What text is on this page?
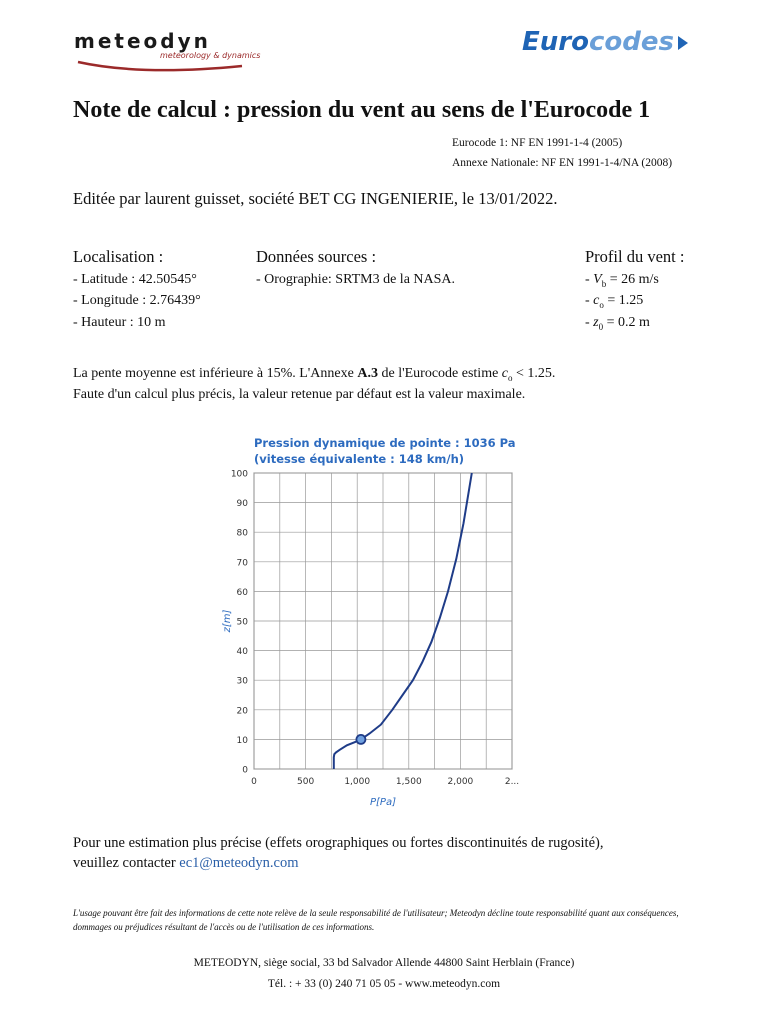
meteodyn
meteorology & dynamics	Eurocodes
Note de calcul : pression du vent au sens de l'Eurocode 1
Eurocode 1: NF EN 1991-1-4 (2005)
Annexe Nationale: NF EN 1991-1-4/NA (2008)
Editée par laurent guisset, société BET CG INGENIERIE, le 13/01/2022.
Localisation :
- Latitude : 42.50545°
- Longitude : 2.76439°
- Hauteur : 10 m
Données sources :
- Orographie: SRTM3 de la NASA.
Profil du vent :
- $V_b = 26$ m/s
- $c_o = 1.25$
- $z_0 = 0.2$ m
La pente moyenne est inférieure à 15%. L'Annexe A.3 de l'Eurocode estime $c_o < 1.25$.
Faute d'un calcul plus précis, la valeur retenue par défaut est la valeur maximale.
Pression dynamique de pointe : 1036 Pa
(vitesse équivalente : 148 km/h)
0
10
20
30
40
50
60
70
80
90
100
0	500	1,000	1,500	2,000	2...
P[Pa]
z[m]
Pour une estimation plus précise (effets orographiques ou fortes discontinuités de rugosité),
veuillez contacter ec1@meteodyn.com
L'usage pouvant être fait des informations de cette note relève de la seule responsabilité de l'utilisateur; Meteodyn décline toute responsabilité quant aux conséquences, dommages ou préjudices résultant de l'accès ou de l'utilisation de ces informations.
METEODYN, siège social, 33 bd Salvador Allende 44800 Saint Herblain (France)
Tél. : + 33 (0) 240 71 05 05 - www.meteodyn.com
